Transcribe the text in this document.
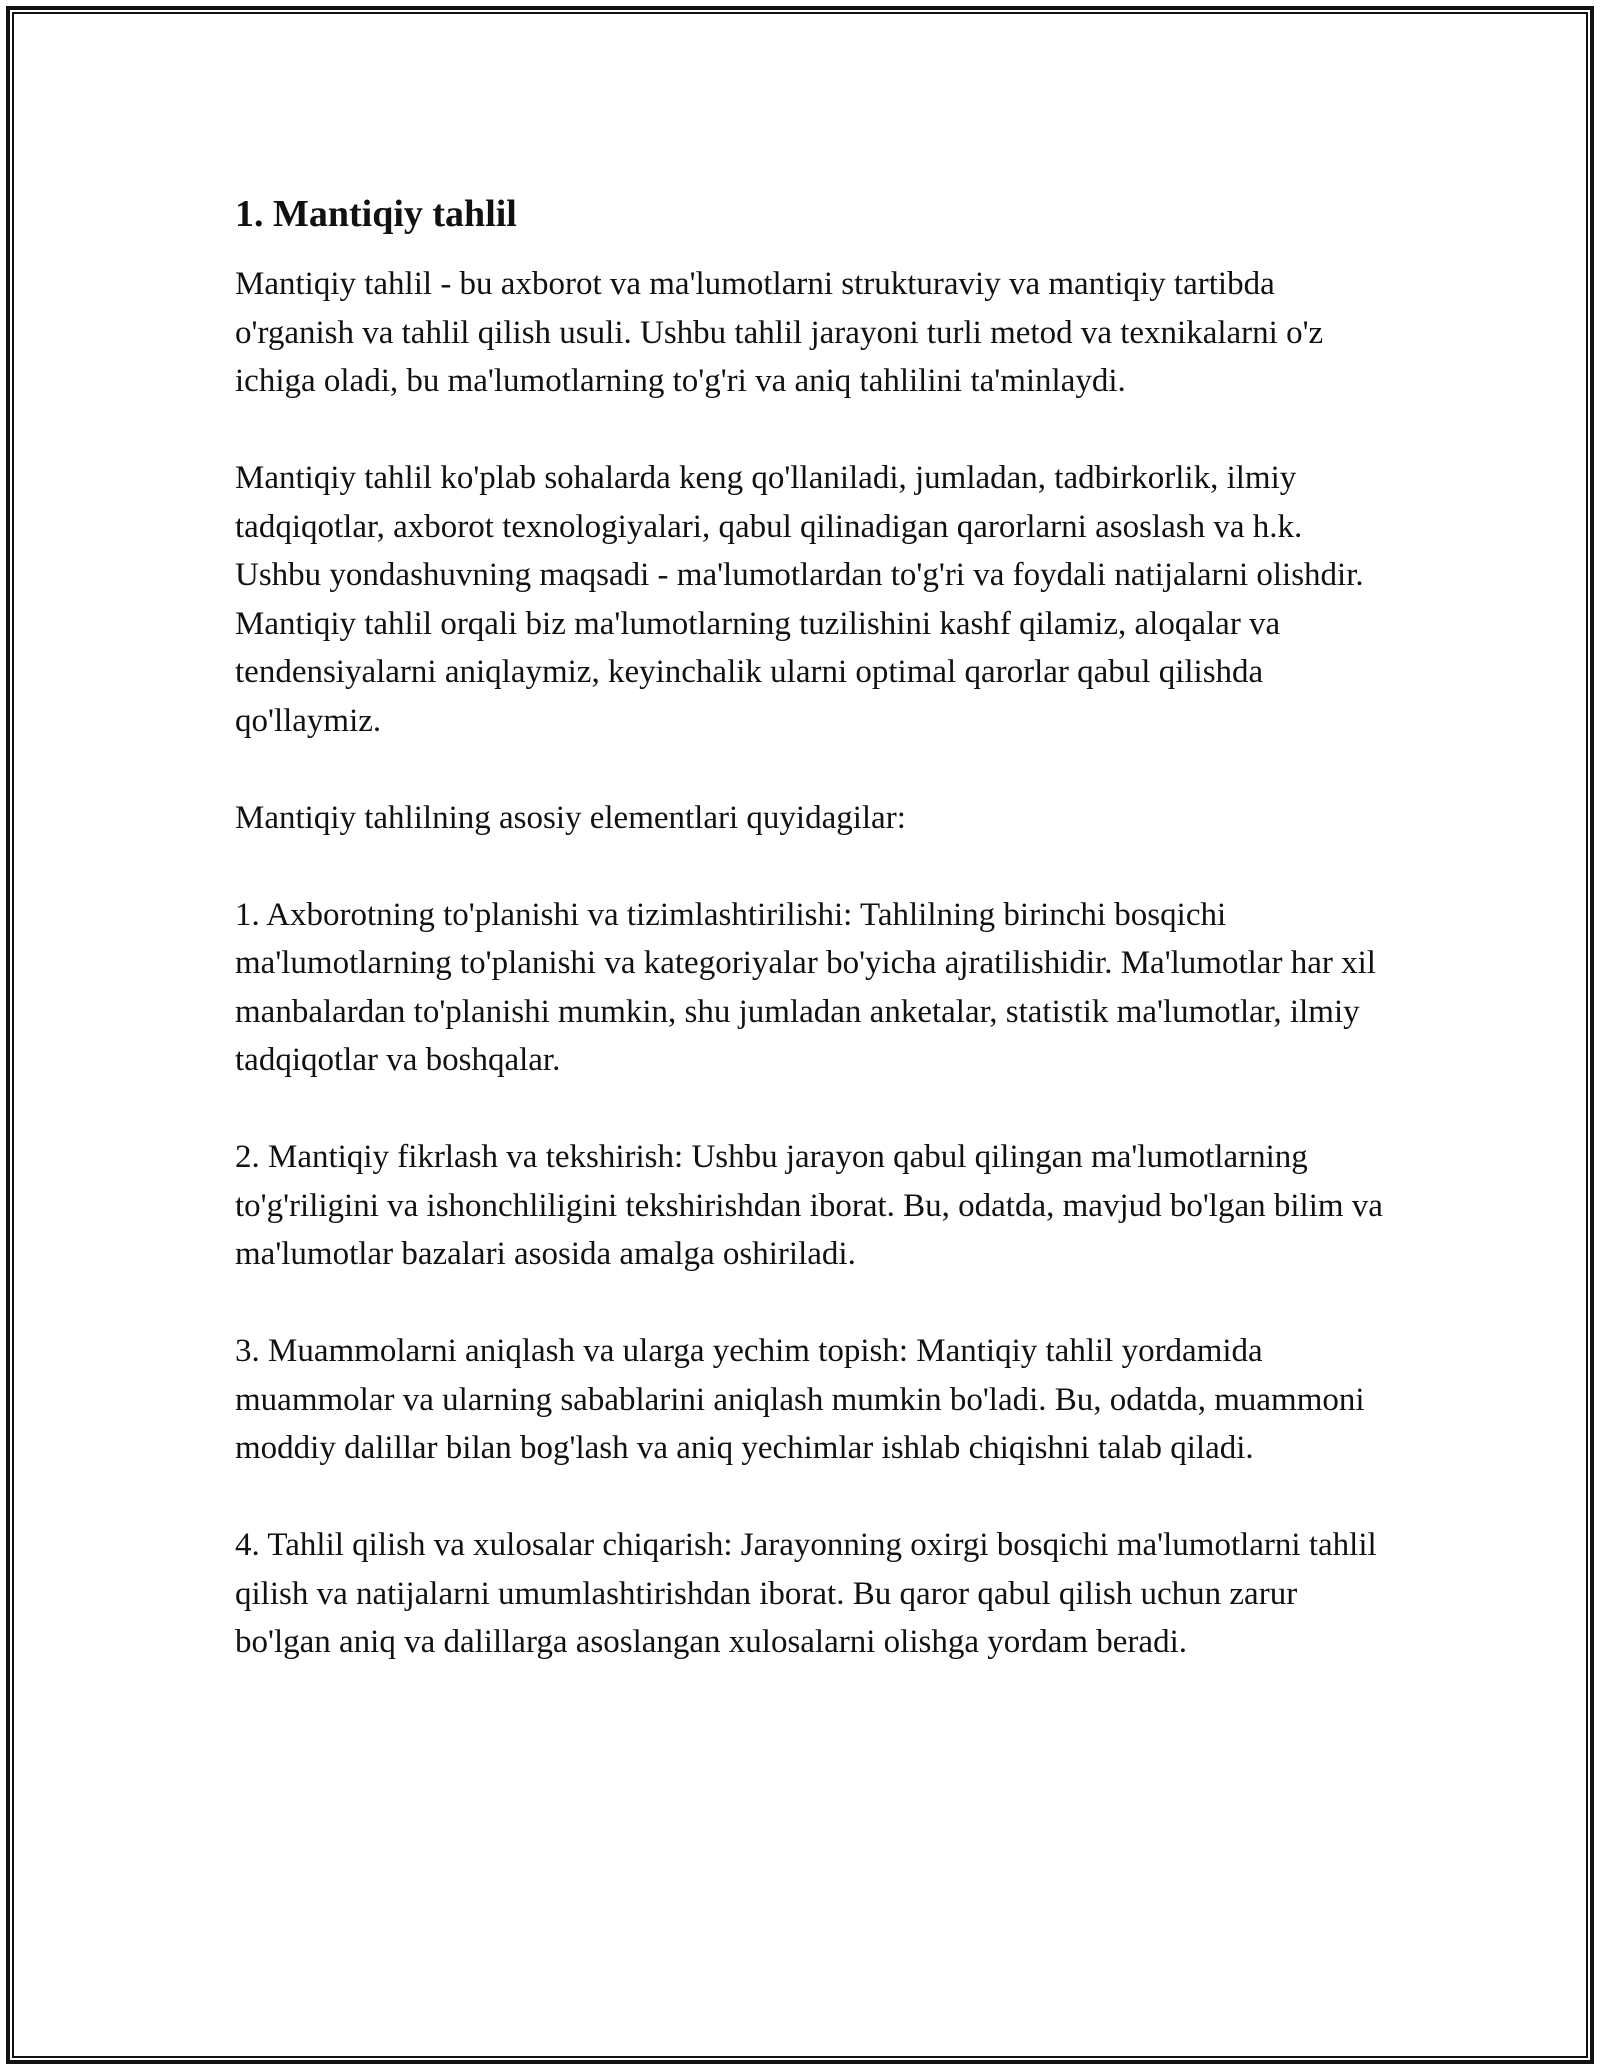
1. Mantiqiy tahlil

Mantiqiy tahlil - bu axborot va ma'lumotlarni strukturaviy va mantiqiy tartibda o'rganish va tahlil qilish usuli. Ushbu tahlil jarayoni turli metod va texnikalarni o'z ichiga oladi, bu ma'lumotlarning to'g'ri va aniq tahlilini ta'minlaydi.

Mantiqiy tahlil ko'plab sohalarda keng qo'llaniladi, jumladan, tadbirkorlik, ilmiy tadqiqotlar, axborot texnologiyalari, qabul qilinadigan qarorlarni asoslash va h.k. Ushbu yondashuvning maqsadi - ma'lumotlardan to'g'ri va foydali natijalarni olishdir. Mantiqiy tahlil orqali biz ma'lumotlarning tuzilishini kashf qilamiz, aloqalar va tendensiyalarni aniqlaymiz, keyinchalik ularni optimal qarorlar qabul qilishda qo'llaymiz.

Mantiqiy tahlilning asosiy elementlari quyidagilar:

1. Axborotning to'planishi va tizimlashtirilishi: Tahlilning birinchi bosqichi ma'lumotlarning to'planishi va kategoriyalar bo'yicha ajratilishidir. Ma'lumotlar har xil manbalardan to'planishi mumkin, shu jumladan anketalar, statistik ma'lumotlar, ilmiy tadqiqotlar va boshqalar.

2. Mantiqiy fikrlash va tekshirish: Ushbu jarayon qabul qilingan ma'lumotlarning to'g'riligini va ishonchliligini tekshirishdan iborat. Bu, odatda, mavjud bo'lgan bilim va ma'lumotlar bazalari asosida amalga oshiriladi.

3. Muammolarni aniqlash va ularga yechim topish: Mantiqiy tahlil yordamida muammolar va ularning sabablarini aniqlash mumkin bo'ladi. Bu, odatda, muammoni moddiy dalillar bilan bog'lash va aniq yechimlar ishlab chiqishni talab qiladi.

4. Tahlil qilish va xulosalar chiqarish: Jarayonning oxirgi bosqichi ma'lumotlarni tahlil qilish va natijalarni umumlashtirishdan iborat. Bu qaror qabul qilish uchun zarur bo'lgan aniq va dalillarga asoslangan xulosalarni olishga yordam beradi.
